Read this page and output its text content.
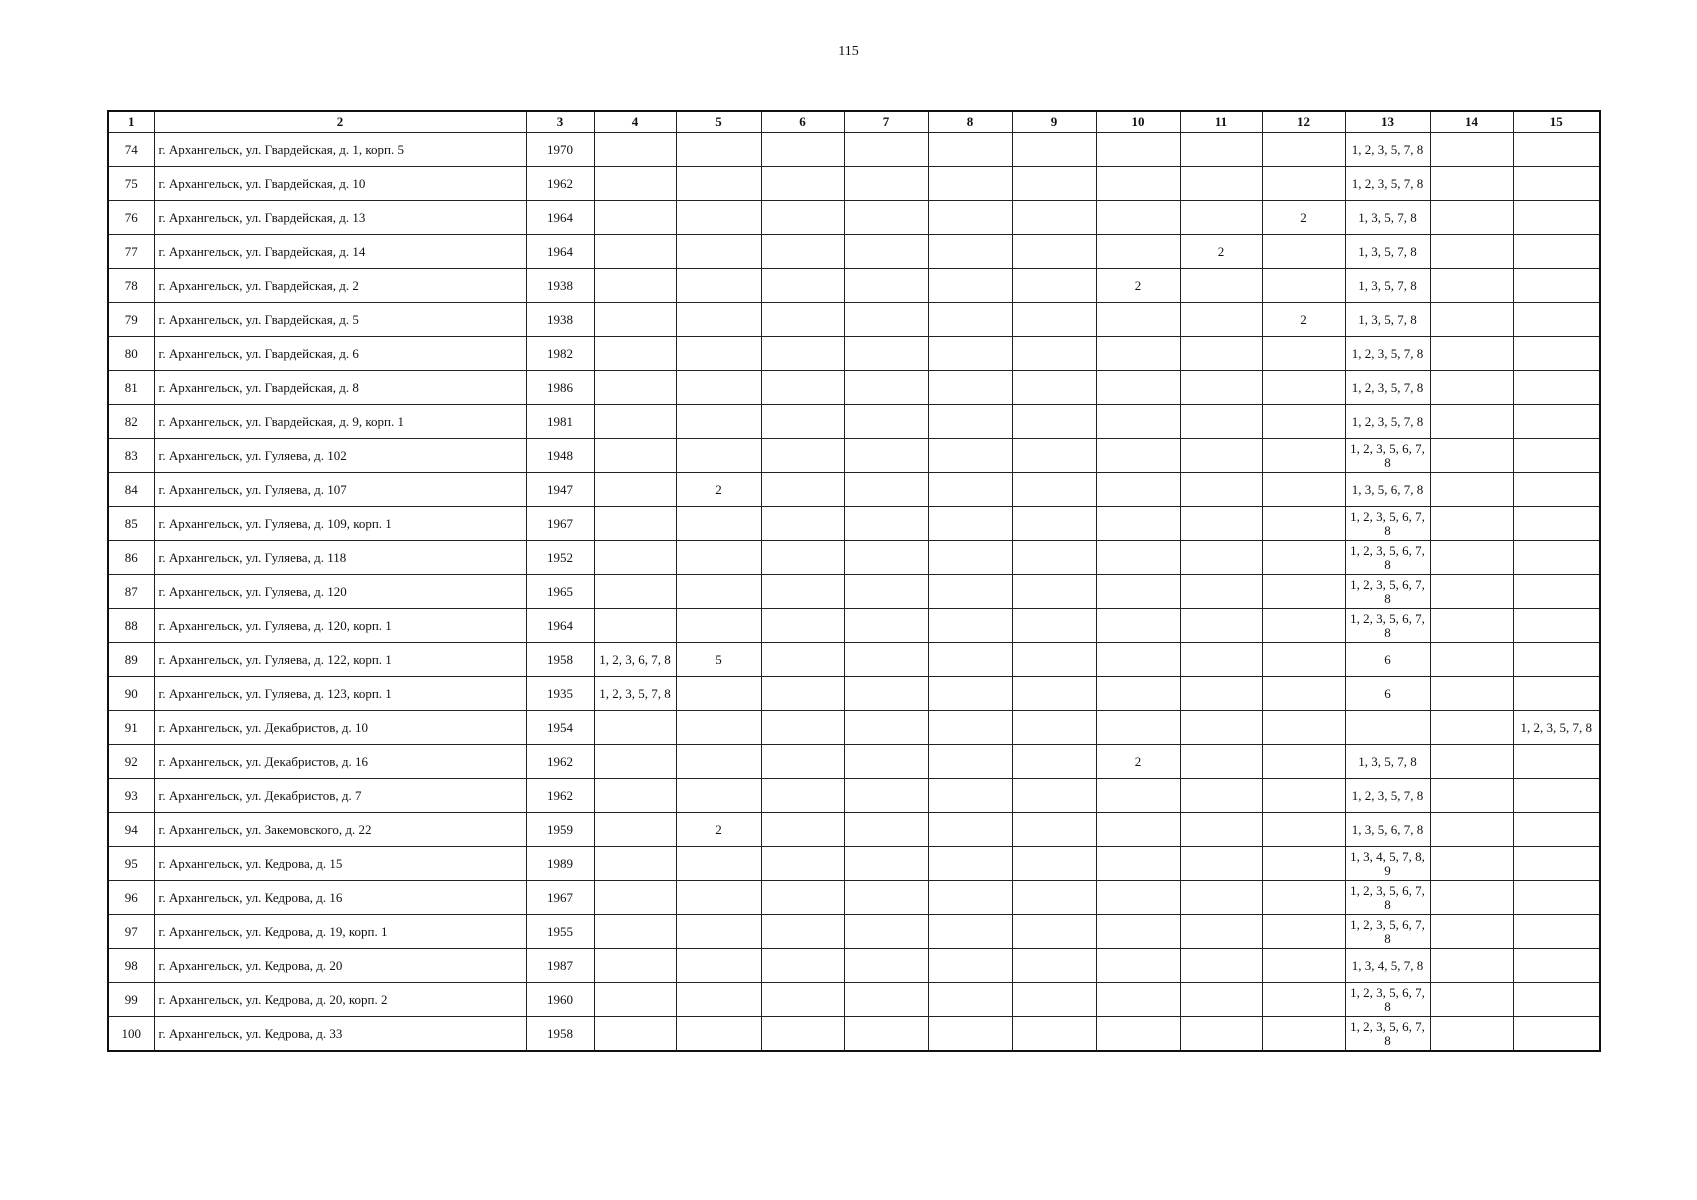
115
1	2	3	4	5	6	7	8	9	10	11	12	13	14	15
74	г. Архангельск, ул. Гвардейская, д. 1, корп. 5	1970										1, 2, 3, 5, 7, 8		
75	г. Архангельск, ул. Гвардейская, д. 10	1962										1, 2, 3, 5, 7, 8		
76	г. Архангельск, ул. Гвардейская, д. 13	1964									2	1, 3, 5, 7, 8		
77	г. Архангельск, ул. Гвардейская, д. 14	1964								2		1, 3, 5, 7, 8		
78	г. Архангельск, ул. Гвардейская, д. 2	1938							2			1, 3, 5, 7, 8		
79	г. Архангельск, ул. Гвардейская, д. 5	1938									2	1, 3, 5, 7, 8		
80	г. Архангельск, ул. Гвардейская, д. 6	1982										1, 2, 3, 5, 7, 8		
81	г. Архангельск, ул. Гвардейская, д. 8	1986										1, 2, 3, 5, 7, 8		
82	г. Архангельск, ул. Гвардейская, д. 9, корп. 1	1981										1, 2, 3, 5, 7, 8		
83	г. Архангельск, ул. Гуляева, д. 102	1948										1, 2, 3, 5, 6, 7, 8		
84	г. Архангельск, ул. Гуляева, д. 107	1947		2								1, 3, 5, 6, 7, 8		
85	г. Архангельск, ул. Гуляева, д. 109, корп. 1	1967										1, 2, 3, 5, 6, 7, 8		
86	г. Архангельск, ул. Гуляева, д. 118	1952										1, 2, 3, 5, 6, 7, 8		
87	г. Архангельск, ул. Гуляева, д. 120	1965										1, 2, 3, 5, 6, 7, 8		
88	г. Архангельск, ул. Гуляева, д. 120, корп. 1	1964										1, 2, 3, 5, 6, 7, 8		
89	г. Архангельск, ул. Гуляева, д. 122, корп. 1	1958	1, 2, 3, 6, 7, 8	5								6		
90	г. Архангельск, ул. Гуляева, д. 123, корп. 1	1935	1, 2, 3, 5, 7, 8									6		
91	г. Архангельск, ул. Декабристов, д. 10	1954												1, 2, 3, 5, 7, 8
92	г. Архангельск, ул. Декабристов, д. 16	1962							2			1, 3, 5, 7, 8		
93	г. Архангельск, ул. Декабристов, д. 7	1962										1, 2, 3, 5, 7, 8		
94	г. Архангельск, ул. Закемовского, д. 22	1959		2								1, 3, 5, 6, 7, 8		
95	г. Архангельск, ул. Кедрова, д. 15	1989										1, 3, 4, 5, 7, 8, 9		
96	г. Архангельск, ул. Кедрова, д. 16	1967										1, 2, 3, 5, 6, 7, 8		
97	г. Архангельск, ул. Кедрова, д. 19, корп. 1	1955										1, 2, 3, 5, 6, 7, 8		
98	г. Архангельск, ул. Кедрова, д. 20	1987										1, 3, 4, 5, 7, 8		
99	г. Архангельск, ул. Кедрова, д. 20, корп. 2	1960										1, 2, 3, 5, 6, 7, 8		
100	г. Архангельск, ул. Кедрова, д. 33	1958										1, 2, 3, 5, 6, 7, 8		
